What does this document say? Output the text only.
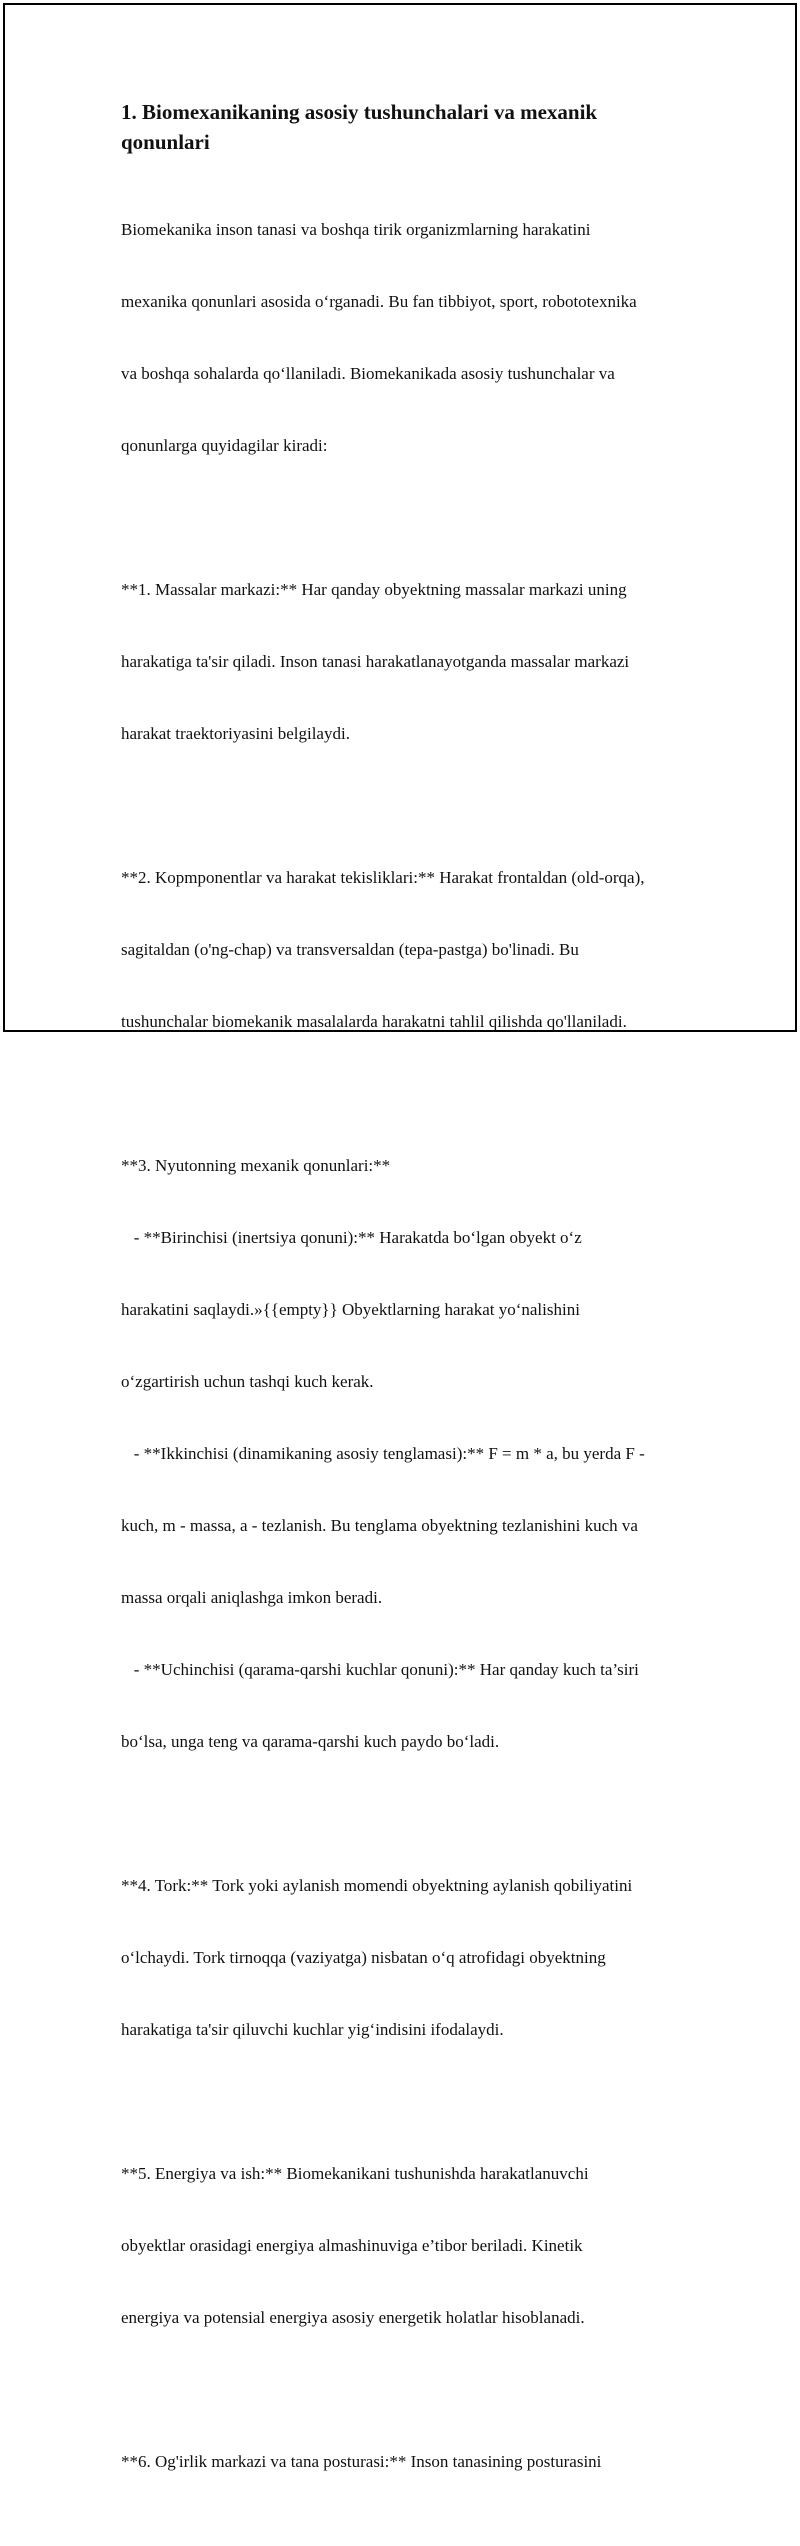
1. Biomexanikaning asosiy tushunchalari va mexanik qonunlari

Biomekanika inson tanasi va boshqa tirik organizmlarning harakatini

mexanika qonunlari asosida o‘rganadi. Bu fan tibbiyot, sport, robototexnika

va boshqa sohalarda qo‘llaniladi. Biomekanikada asosiy tushunchalar va

qonunlarga quyidagilar kiradi:

**1. Massalar markazi:** Har qanday obyektning massalar markazi uning

harakatiga ta'sir qiladi. Inson tanasi harakatlanayotganda massalar markazi

harakat traektoriyasini belgilaydi.

**2. Kopmponentlar va harakat tekisliklari:** Harakat frontaldan (old-orqa),

sagitaldan (o'ng-chap) va transversaldan (tepa-pastga) bo'linadi. Bu

tushunchalar biomekanik masalalarda harakatni tahlil qilishda qo'llaniladi.

**3. Nyutonning mexanik qonunlari:**

- **Birinchisi (inertsiya qonuni):** Harakatda bo‘lgan obyekt o‘z

harakatini saqlaydi.»{{empty}} Obyektlarning harakat yo‘nalishini

o‘zgartirish uchun tashqi kuch kerak.

- **Ikkinchisi (dinamikaning asosiy tenglamasi):** F = m * a, bu yerda F -

kuch, m - massa, a - tezlanish. Bu tenglama obyektning tezlanishini kuch va

massa orqali aniqlashga imkon beradi.

- **Uchinchisi (qarama-qarshi kuchlar qonuni):** Har qanday kuch ta’siri

bo‘lsa, unga teng va qarama-qarshi kuch paydo bo‘ladi.

**4. Tork:** Tork yoki aylanish momendi obyektning aylanish qobiliyatini

o‘lchaydi. Tork tirnoqqa (vaziyatga) nisbatan o‘q atrofidagi obyektning

harakatiga ta'sir qiluvchi kuchlar yig‘indisini ifodalaydi.

**5. Energiya va ish:** Biomekanikani tushunishda harakatlanuvchi

obyektlar orasidagi energiya almashinuviga e’tibor beriladi. Kinetik

energiya va potensial energiya asosiy energetik holatlar hisoblanadi.

**6. Og'irlik markazi va tana posturasi:** Inson tanasining posturasini
